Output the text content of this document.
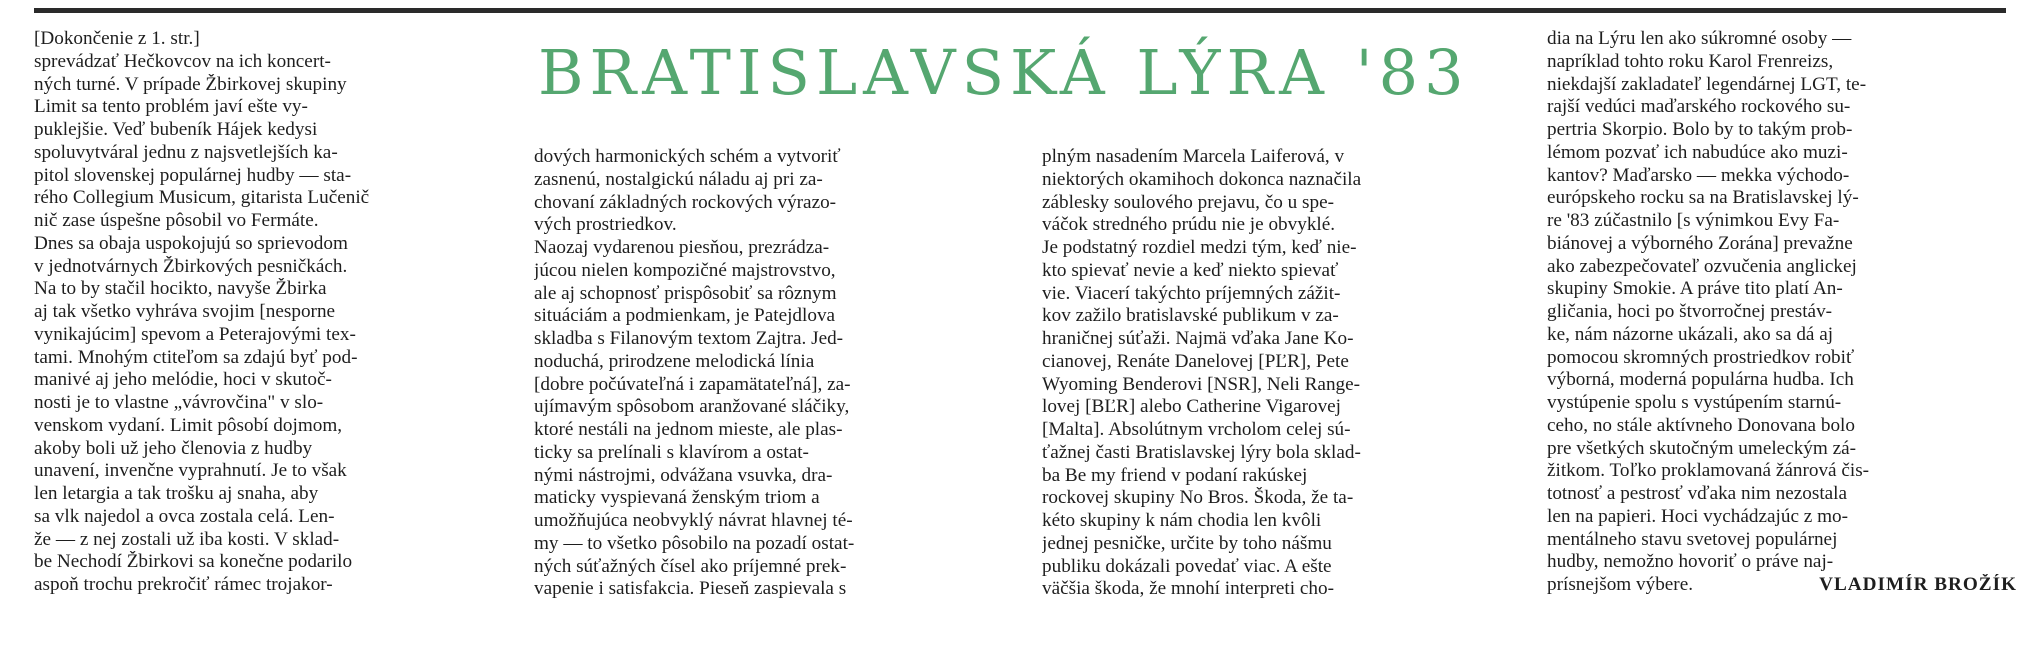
BRATISLAVSKÁ LÝRA '83
[Dokončenie z 1. str.]
sprevádzať Hečkovcov na ich koncert-
ných turné. V prípade Žbirkovej skupiny
Limit sa tento problém javí ešte vy-
puklejšie. Veď bubeník Hájek kedysi
spoluvytváral jednu z najsvetlejších ka-
pitol slovenskej populárnej hudby — sta-
rého Collegium Musicum, gitarista Lučenič
nič zase úspešne pôsobil vo Fermáte.
Dnes sa obaja uspokojujú so sprievodom
v jednotvárnych Žbirkových pesničkách.
Na to by stačil hocikto, navyše Žbirka
aj tak všetko vyhráva svojim [nesporne
vynikajúcim] spevom a Peterajovými tex-
tami. Mnohým ctiteľom sa zdajú byť pod-
manivé aj jeho melódie, hoci v skutoč-
nosti je to vlastne „vávrovčina" v slo-
venskom vydaní. Limit pôsobí dojmom,
akoby boli už jeho členovia z hudby
unavení, invenčne vyprahnutí. Je to však
len letargia a tak trošku aj snaha, aby
sa vlk najedol a ovca zostala celá. Len-
že — z nej zostali už iba kosti. V sklad-
be Nechodí Žbirkovi sa konečne podarilo
aspoň trochu prekročiť rámec trojakor-
dových harmonických schém a vytvoriť
zasnenú, nostalgickú náladu aj pri za-
chovaní základných rockových výrazo-
vých prostriedkov.
Naozaj vydarenou piesňou, prezrádza-
júcou nielen kompozičné majstrovstvo,
ale aj schopnosť prispôsobiť sa rôznym
situáciám a podmienkam, je Patejdlova
skladba s Filanovým textom Zajtra. Jed-
noduchá, prirodzene melodická línia
[dobre počúvateľná i zapamätateľná], za-
ujímavým spôsobom aranžované sláčiky,
ktoré nestáli na jednom mieste, ale plas-
ticky sa prelínali s klavírom a ostat-
nými nástrojmi, odvážana vsuvka, dra-
maticky vyspievaná ženským triom a
umožňujúca neobvyklý návrat hlavnej té-
my — to všetko pôsobilo na pozadí ostat-
ných súťažných čísel ako príjemné prek-
vapenie i satisfakcia. Pieseň zaspievala s
plným nasadením Marcela Laiferová, v
niektorých okamihoch dokonca naznačila
záblesky soulového prejavu, čo u spe-
váčok stredného prúdu nie je obvyklé.
Je podstatný rozdiel medzi tým, keď nie-
kto spievať nevie a keď niekto spievať
vie. Viacerí takýchto príjemných zážit-
kov zažilo bratislavské publikum v za-
hraničnej súťaži. Najmä vďaka Jane Ko-
cianovej, Renáte Danelovej [PĽR], Pete
Wyoming Benderovi [NSR], Neli Range-
lovej [BĽR] alebo Catherine Vigarovej
[Malta]. Absolútnym vrcholom celej sú-
ťažnej časti Bratislavskej lýry bola sklad-
ba Be my friend v podaní rakúskej
rockovej skupiny No Bros. Škoda, že ta-
kéto skupiny k nám chodia len kvôli
jednej pesničke, určite by toho nášmu
publiku dokázali povedať viac. A ešte
väčšia škoda, že mnohí interpreti cho-
dia na Lýru len ako súkromné osoby —
napríklad tohto roku Karol Frenreizs,
niekdajší zakladateľ legendárnej LGT, te-
rajší vedúci maďarského rockového su-
pertria Skorpio. Bolo by to takým prob-
lémom pozvať ich nabudúce ako muzi-
kantov? Maďarsko — mekka východo-
európskeho rocku sa na Bratislavskej lý-
re '83 zúčastnilo [s výnimkou Evy Fa-
biánovej a výborného Zorána] prevažne
ako zabezpečovateľ ozvučenia anglickej
skupiny Smokie. A práve tito platí An-
gličania, hoci po štvorročnej prestáv-
ke, nám názorne ukázali, ako sa dá aj
pomocou skromných prostriedkov robiť
výborná, moderná populárna hudba. Ich
vystúpenie spolu s vystúpením starnú-
ceho, no stále aktívneho Donovana bolo
pre všetkých skutočným umeleckým zá-
žitkom. Toľko proklamovaná žánrová čis-
totnosť a pestrosť vďaka nim nezostala
len na papieri. Hoci vychádzajúc z mo-
mentálneho stavu svetovej populárnej
hudby, nemožno hovoriť o práve naj-
prísnejšom výbere.	VLADIMÍR BROŽÍK
